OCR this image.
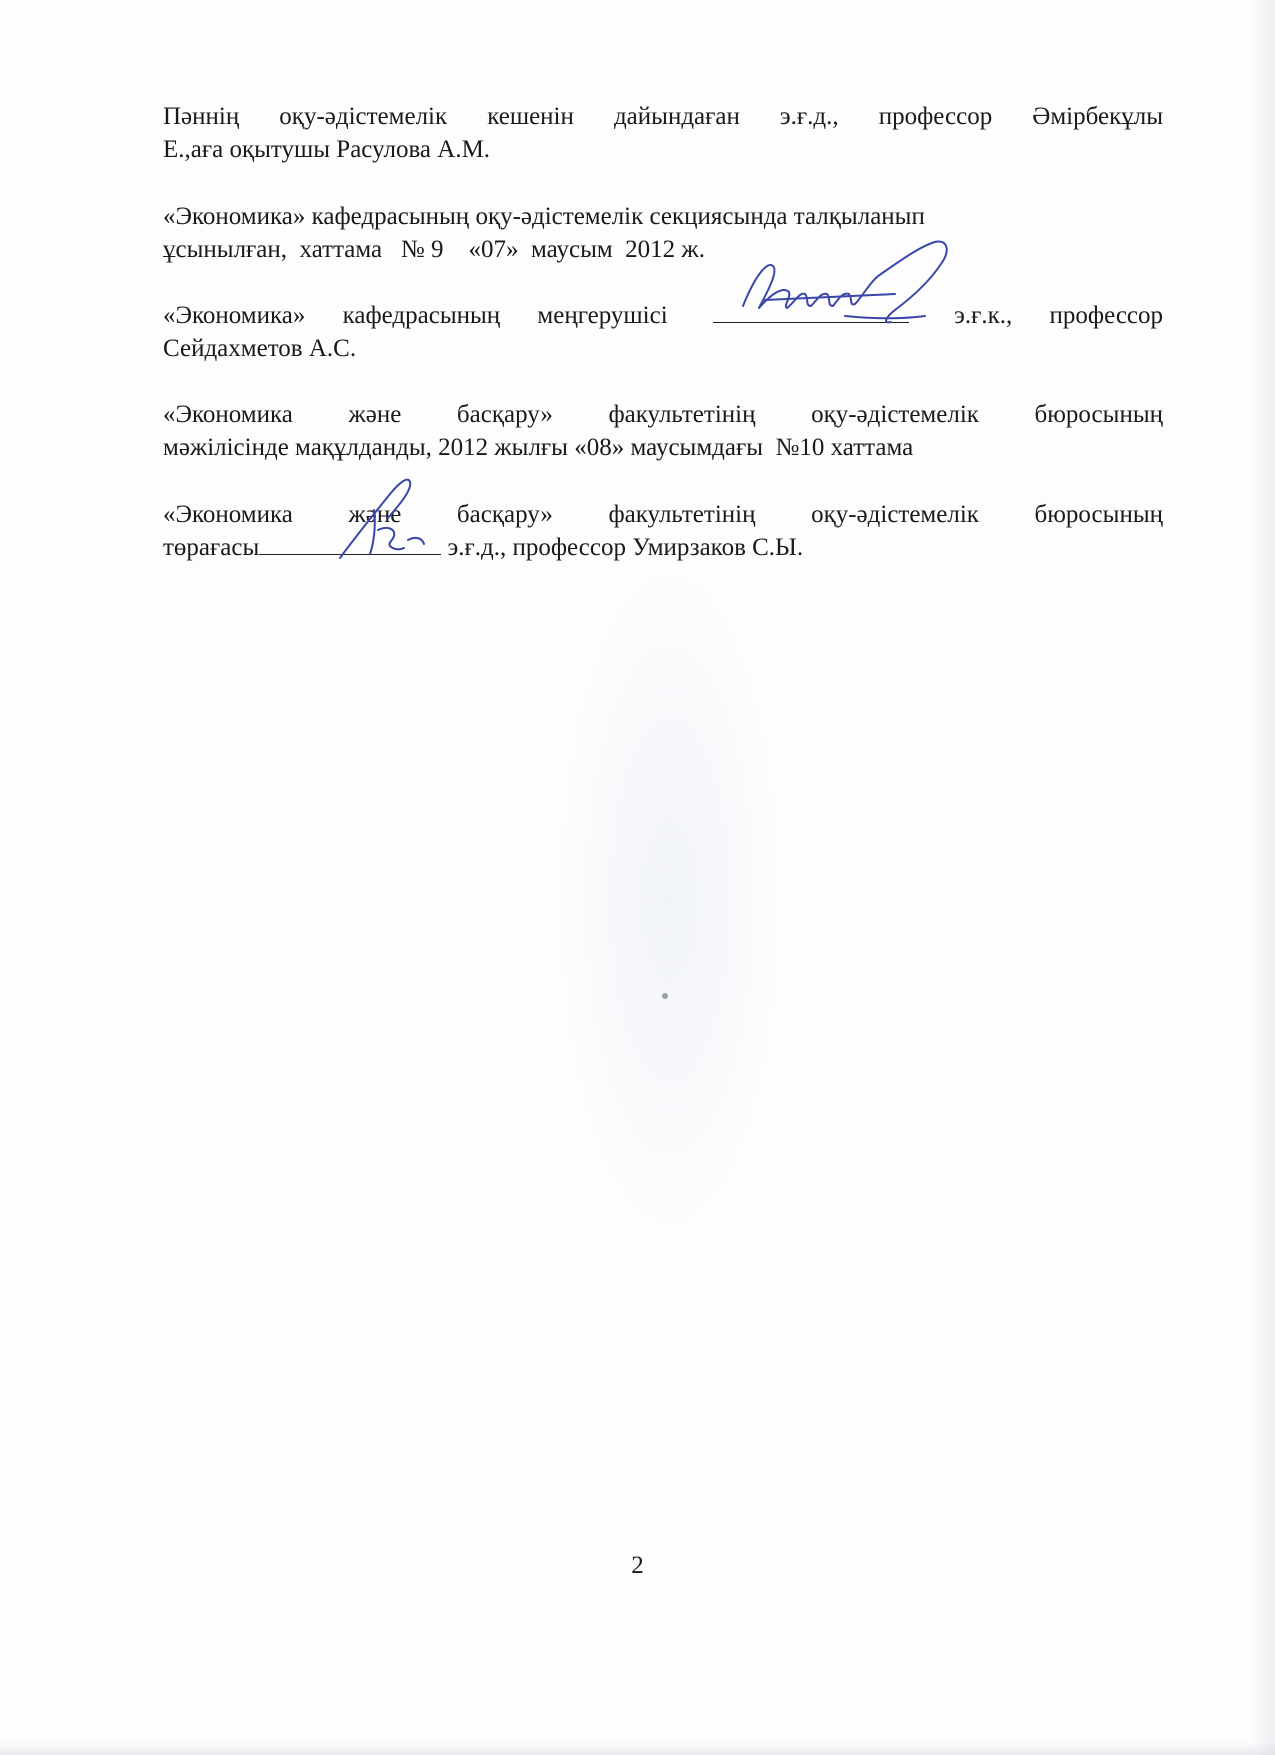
Пәннің оқу-әдістемелік кешенін дайындаған э.ғ.д., профессор Әмірбекұлы
Е.,аға оқытушы Расулова А.М.
«Экономика» кафедрасының оқу-әдістемелік секциясында талқыланып
ұсынылған,  хаттама   № 9    «07»  маусым  2012 ж.
«Экономика» кафедрасының меңгерушісі	э.ғ.к., профессор
Сейдахметов А.С.
«Экономика және басқару» факультетінің оқу-әдістемелік бюросының
мәжілісінде мақұлданды, 2012 жылғы «08» маусымдағы  №10 хаттама
«Экономика және басқару» факультетінің оқу-әдістемелік бюросының
төрағасы	э.ғ.д., профессор Умирзаков С.Ы.
2
